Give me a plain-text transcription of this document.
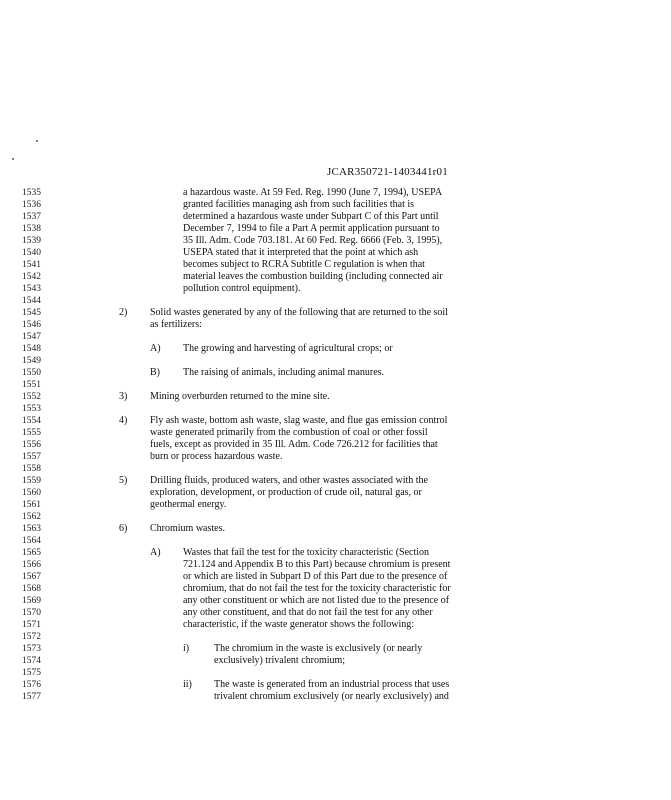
JCAR350721-1403441r01
1535	a hazardous waste. At 59 Fed. Reg. 1990 (June 7, 1994), USEPA
1536	granted facilities managing ash from such facilities that is
1537	determined a hazardous waste under Subpart C of this Part until
1538	December 7, 1994 to file a Part A permit application pursuant to
1539	35 Ill. Adm. Code 703.181. At 60 Fed. Reg. 6666 (Feb. 3, 1995),
1540	USEPA stated that it interpreted that the point at which ash
1541	becomes subject to RCRA Subtitle C regulation is when that
1542	material leaves the combustion building (including connected air
1543	pollution control equipment).
1544
1545	2) Solid wastes generated by any of the following that are returned to the soil
1546	as fertilizers:
1547
1548	A) The growing and harvesting of agricultural crops; or
1549
1550	B) The raising of animals, including animal manures.
1551
1552	3) Mining overburden returned to the mine site.
1553
1554	4) Fly ash waste, bottom ash waste, slag waste, and flue gas emission control
1555	waste generated primarily from the combustion of coal or other fossil
1556	fuels, except as provided in 35 Ill. Adm. Code 726.212 for facilities that
1557	burn or process hazardous waste.
1558
1559	5) Drilling fluids, produced waters, and other wastes associated with the
1560	exploration, development, or production of crude oil, natural gas, or
1561	geothermal energy.
1562
1563	6) Chromium wastes.
1564
1565	A) Wastes that fail the test for the toxicity characteristic (Section
1566	721.124 and Appendix B to this Part) because chromium is present
1567	or which are listed in Subpart D of this Part due to the presence of
1568	chromium, that do not fail the test for the toxicity characteristic for
1569	any other constituent or which are not listed due to the presence of
1570	any other constituent, and that do not fail the test for any other
1571	characteristic, if the waste generator shows the following:
1572
1573	i) The chromium in the waste is exclusively (or nearly
1574	exclusively) trivalent chromium;
1575
1576	ii) The waste is generated from an industrial process that uses
1577	trivalent chromium exclusively (or nearly exclusively) and
